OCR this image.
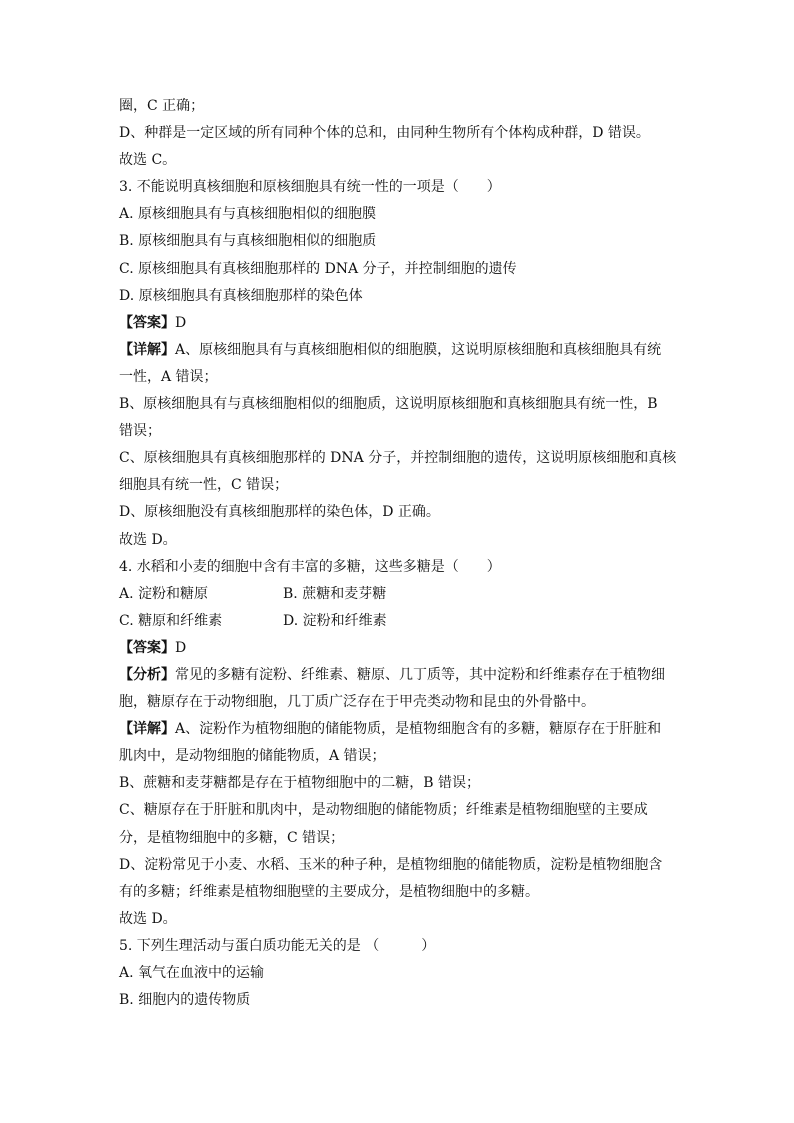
圈，C 正确；
D、种群是一定区域的所有同种个体的总和，由同种生物所有个体构成种群，D 错误。
故选 C。
3. 不能说明真核细胞和原核细胞具有统一性的一项是（　　）
A. 原核细胞具有与真核细胞相似的细胞膜
B. 原核细胞具有与真核细胞相似的细胞质
C. 原核细胞具有真核细胞那样的 DNA 分子，并控制细胞的遗传
D. 原核细胞具有真核细胞那样的染色体
【答案】D
【详解】A、原核细胞具有与真核细胞相似的细胞膜，这说明原核细胞和真核细胞具有统
一性，A 错误；
B、原核细胞具有与真核细胞相似的细胞质，这说明原核细胞和真核细胞具有统一性，B
错误；
C、原核细胞具有真核细胞那样的 DNA 分子，并控制细胞的遗传，这说明原核细胞和真核
细胞具有统一性，C 错误；
D、原核细胞没有真核细胞那样的染色体，D 正确。
故选 D。
4. 水稻和小麦的细胞中含有丰富的多糖，这些多糖是（　　）
A. 淀粉和糖原	B. 蔗糖和麦芽糖
C. 糖原和纤维素	D. 淀粉和纤维素
【答案】D
【分析】常见的多糖有淀粉、纤维素、糖原、几丁质等，其中淀粉和纤维素存在于植物细
胞，糖原存在于动物细胞，几丁质广泛存在于甲壳类动物和昆虫的外骨骼中。
【详解】A、淀粉作为植物细胞的储能物质，是植物细胞含有的多糖，糖原存在于肝脏和
肌肉中，是动物细胞的储能物质，A 错误；
B、蔗糖和麦芽糖都是存在于植物细胞中的二糖，B 错误；
C、糖原存在于肝脏和肌肉中，是动物细胞的储能物质；纤维素是植物细胞壁的主要成
分，是植物细胞中的多糖，C 错误；
D、淀粉常见于小麦、水稻、玉米的种子种，是植物细胞的储能物质，淀粉是植物细胞含
有的多糖；纤维素是植物细胞壁的主要成分，是植物细胞中的多糖。
故选 D。
5. 下列生理活动与蛋白质功能无关的是 （　　　）
A. 氧气在血液中的运输
B. 细胞内的遗传物质
